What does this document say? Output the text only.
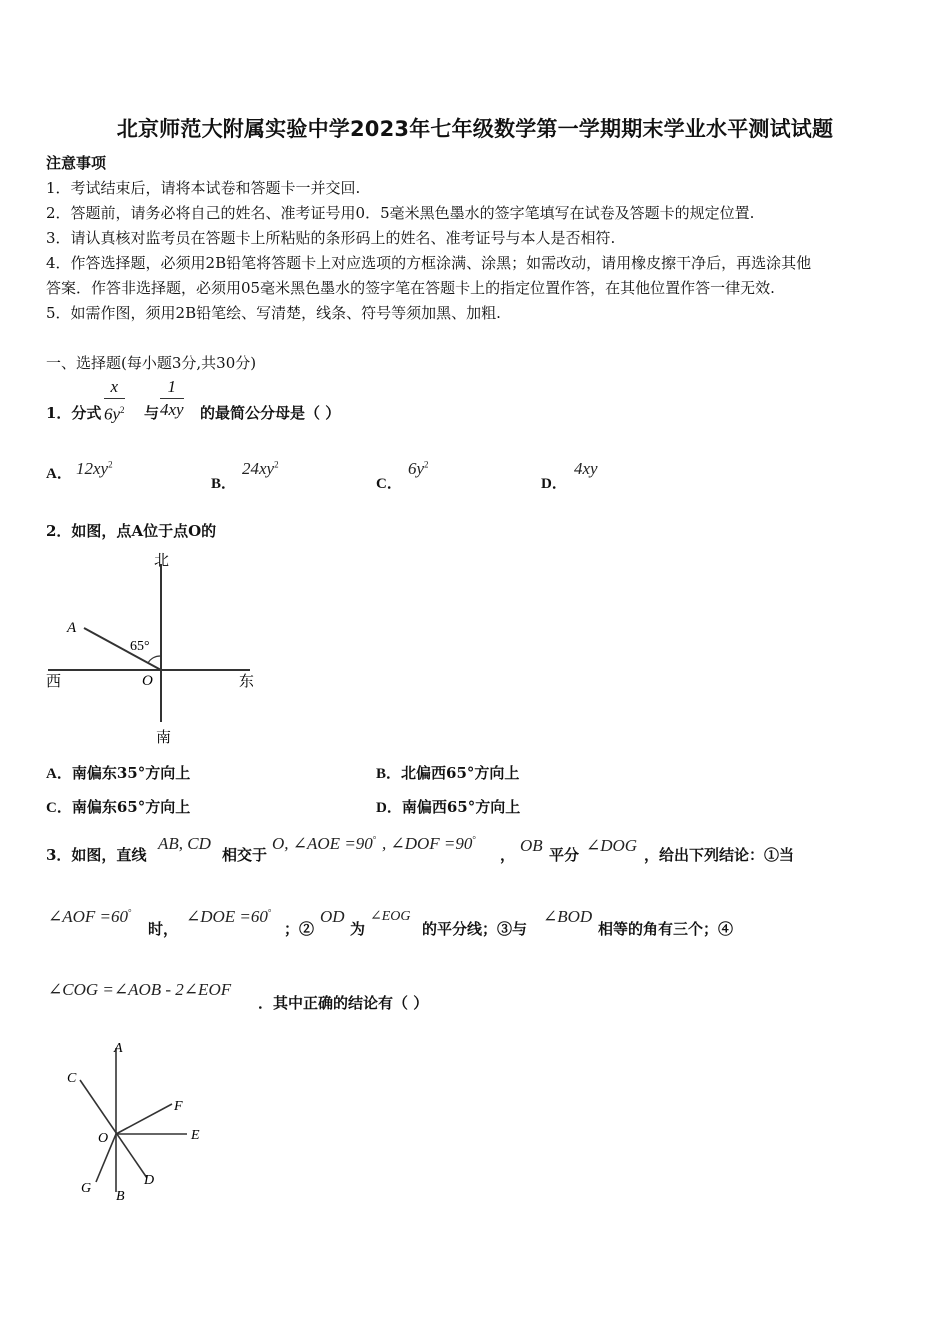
北京师范大附属实验中学2023年七年级数学第一学期期末学业水平测试试题
注意事项
1．考试结束后，请将本试卷和答题卡一并交回.
2．答题前，请务必将自己的姓名、准考证号用0．5毫米黑色墨水的签字笔填写在试卷及答题卡的规定位置.
3．请认真核对监考员在答题卡上所粘贴的条形码上的姓名、准考证号与本人是否相符.
4．作答选择题，必须用2B铅笔将答题卡上对应选项的方框涂满、涂黑；如需改动，请用橡皮擦干净后，再选涂其他
答案．作答非选择题，必须用05毫米黑色墨水的签字笔在答题卡上的指定位置作答，在其他位置作答一律无效.
5．如需作图，须用2B铅笔绘、写清楚，线条、符号等须加黑、加粗.
一、选择题(每小题3分,共30分)
1．分式 $\frac{x}{6y^2}$ 与 $\frac{1}{4xy}$ 的最简公分母是（ ）
A． $12xy^2$
B．
$24xy^2$
C．
$6y^2$
D．
4xy
2．如图，点A位于点O的
北
南
西	东
A
O
65°
A．南偏东35°方向上	B．北偏西65°方向上
C．南偏东65°方向上	D．南偏西65°方向上
3．如图，直线
AB, CD
相交于
O, ∠AOE =90° , ∠DOF =90°
， OB 平分 ∠DOG ，给出下列结论：①当
∠AOF =60°
时，
∠DOE =60°
；②
OD
为
∠EOG
的平分线；③与
∠BOD
相等的角有三个；④
∠COG =∠AOB - 2∠EOF
．其中正确的结论有（ ）
A
B
C
D
E
F
G
O
